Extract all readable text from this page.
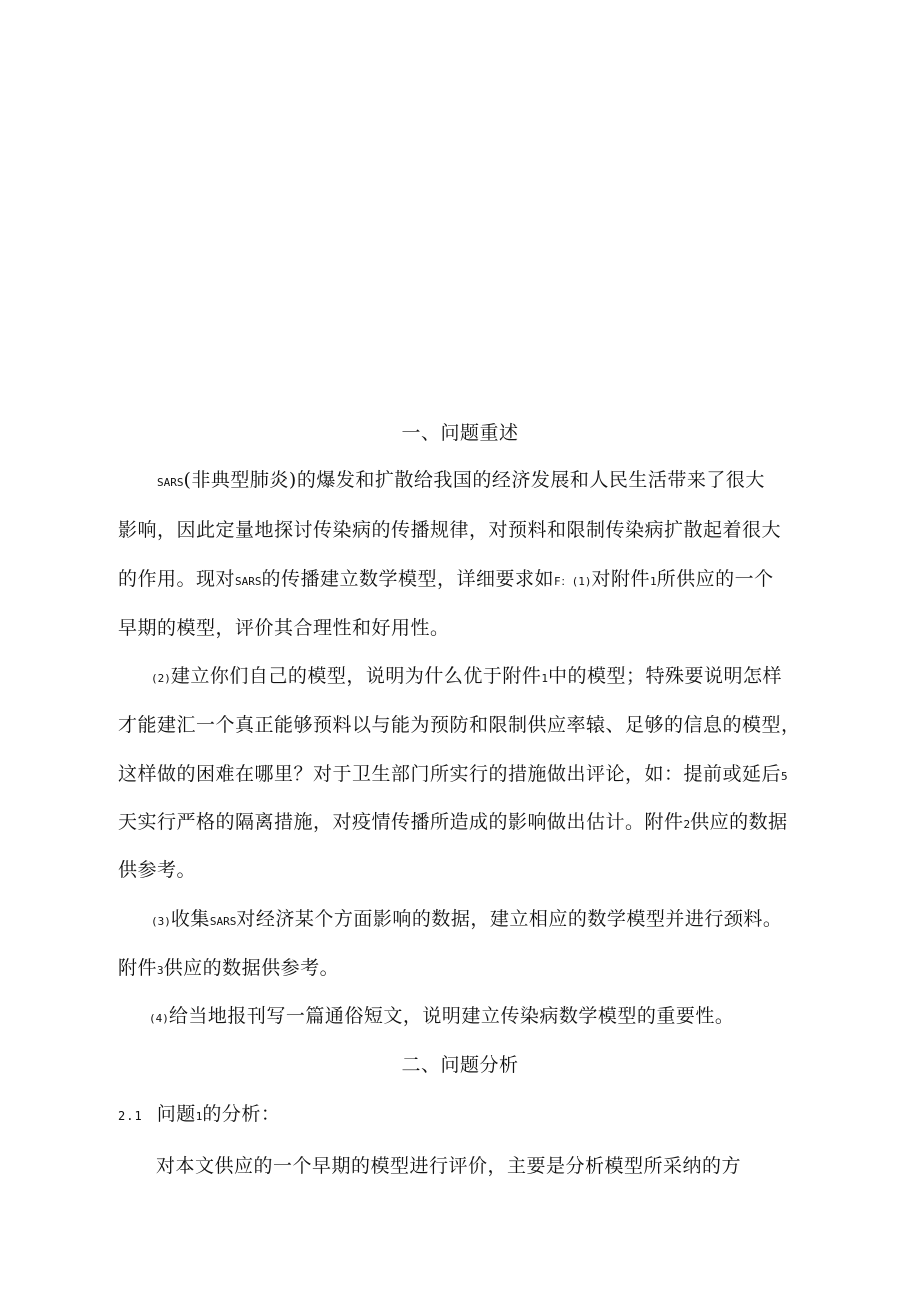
一、问题重述
SARS(非典型肺炎)的爆发和扩散给我国的经济发展和人民生活带来了很大
影响，因此定量地探讨传染病的传播规律，对预料和限制传染病扩散起着很大
的作用。现对SARS的传播建立数学模型，详细要求如F：(1)对附件1所供应的一个
早期的模型，评价其合理性和好用性。
(2)建立你们自己的模型，说明为什么优于附件1中的模型；特殊要说明怎样
才能建汇一个真正能够预料以与能为预防和限制供应率辕、足够的信息的模型，
这样做的困难在哪里？对于卫生部门所实行的措施做出评论，如：提前或延后5
天实行严格的隔离措施，对疫情传播所造成的影响做出估计。附件2供应的数据
供参考。
(3)收集SARS对经济某个方面影响的数据，建立相应的数学模型并进行颈料。
附件3供应的数据供参考。
(4)给当地报刊写一篇通俗短文，说明建立传染病数学模型的重要性。
二、问题分析
2.1 问题1的分析：
对本文供应的一个早期的模型进行评价，主要是分析模型所采纳的方
